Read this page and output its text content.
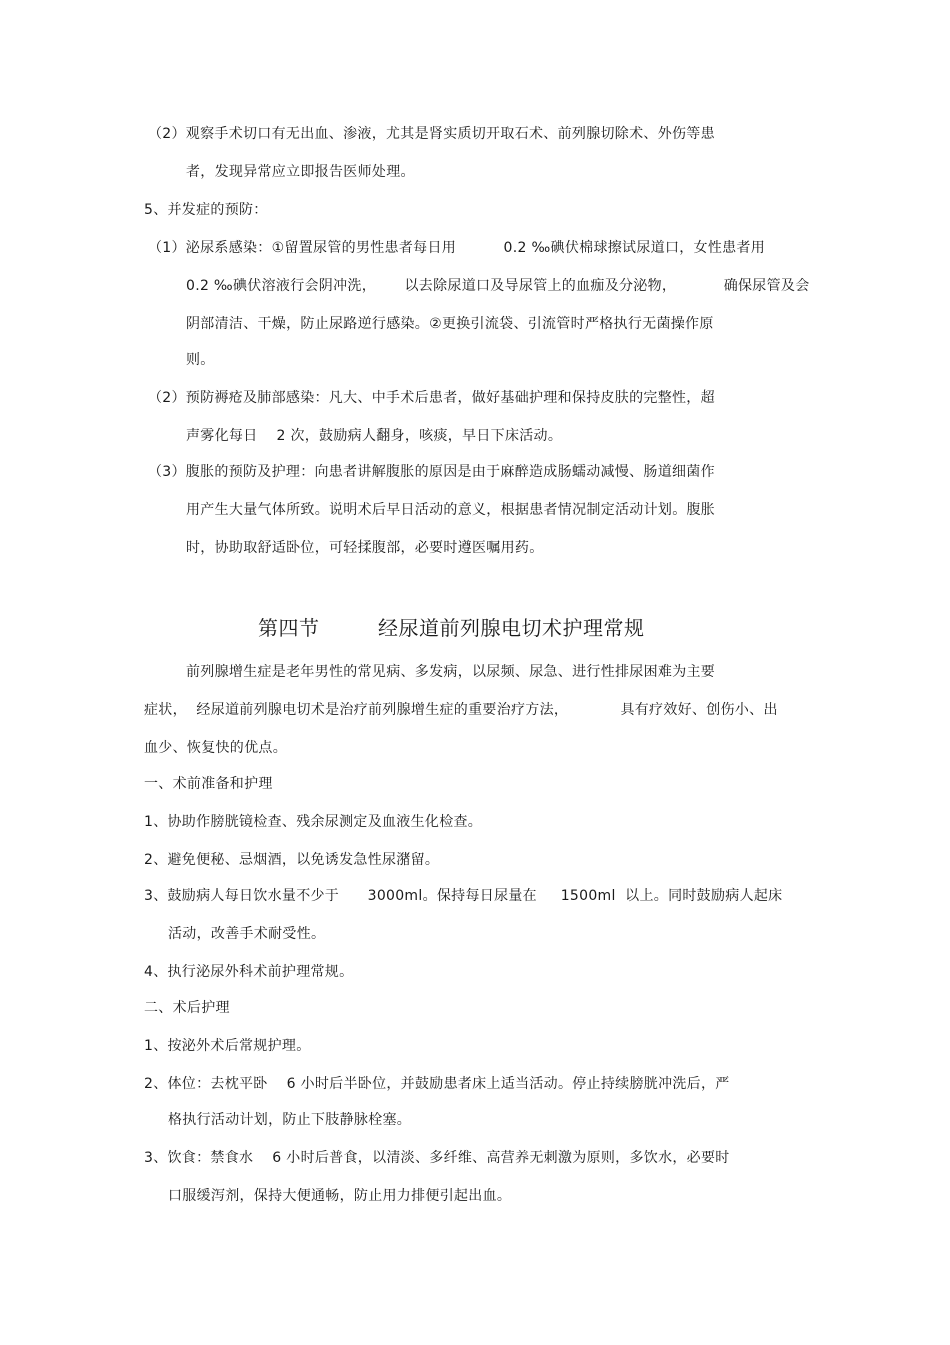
（2）观察手术切口有无出血、渗液，尤其是肾实质切开取石术、前列腺切除术、外伤等患

者，发现异常应立即报告医师处理。

5、并发症的预防：

（1）泌尿系感染：①留置尿管的男性患者每日用          0.2 ‰碘伏棉球擦试尿道口，女性患者用

0.2 ‰碘伏溶液行会阴冲洗，      以去除尿道口及导尿管上的血痂及分泌物，          确保尿管及会

阴部清洁、干燥，防止尿路逆行感染。②更换引流袋、引流管时严格执行无菌操作原

则。

（2）预防褥疮及肺部感染：凡大、中手术后患者，做好基础护理和保持皮肤的完整性，超

声雾化每日    2 次，鼓励病人翻身，咳痰，早日下床活动。

（3）腹胀的预防及护理：向患者讲解腹胀的原因是由于麻醉造成肠蠕动减慢、肠道细菌作

用产生大量气体所致。说明术后早日活动的意义，根据患者情况制定活动计划。腹胀

时，协助取舒适卧位，可轻揉腹部，必要时遵医嘱用药。

第四节	经尿道前列腺电切术护理常规

前列腺增生症是老年男性的常见病、多发病，以尿频、尿急、进行性排尿困难为主要

症状，  经尿道前列腺电切术是治疗前列腺增生症的重要治疗方法，           具有疗效好、创伤小、出

血少、恢复快的优点。

一、术前准备和护理

1、协助作膀胱镜检查、残余尿测定及血液生化检查。

2、避免便秘、忌烟酒，以免诱发急性尿潴留。

3、鼓励病人每日饮水量不少于      3000ml。保持每日尿量在     1500ml  以上。同时鼓励病人起床

活动，改善手术耐受性。

4、执行泌尿外科术前护理常规。

二、术后护理

1、按泌外术后常规护理。

2、体位：去枕平卧    6 小时后半卧位，并鼓励患者床上适当活动。停止持续膀胱冲洗后，严

格执行活动计划，防止下肢静脉栓塞。

3、饮食：禁食水    6 小时后普食，以清淡、多纤维、高营养无刺激为原则，多饮水，必要时

口服缓泻剂，保持大便通畅，防止用力排便引起出血。
